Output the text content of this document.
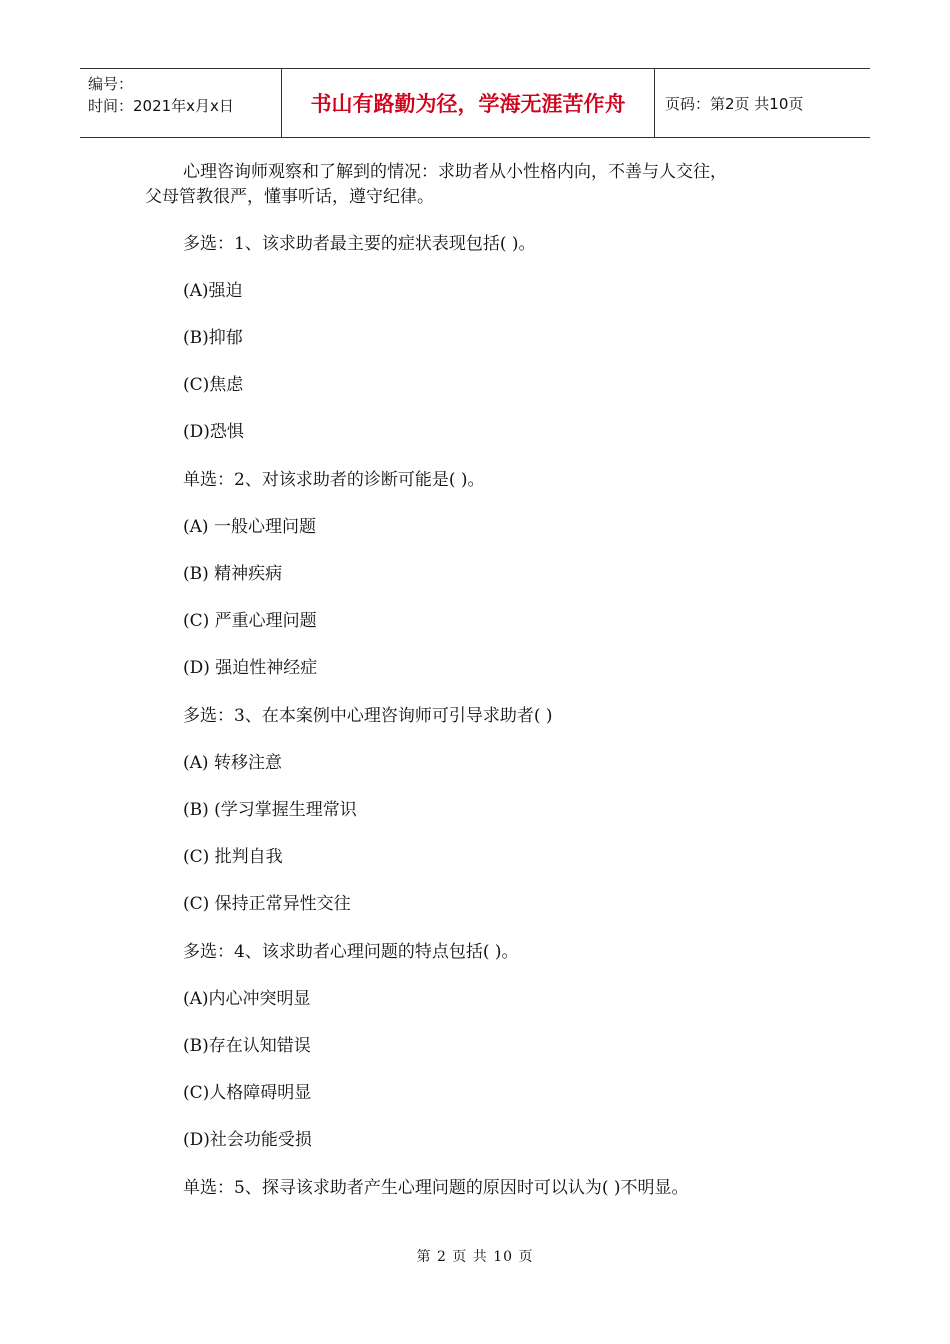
编号：
时间：2021年x月x日	书山有路勤为径，学海无涯苦作舟	页码：第2页 共10页
心理咨询师观察和了解到的情况：求助者从小性格内向，不善与人交往，
父母管教很严，懂事听话，遵守纪律。
多选：1、该求助者最主要的症状表现包括( )。
(A)强迫
(B)抑郁
(C)焦虑
(D)恐惧
单选：2、对该求助者的诊断可能是( )。
(A) 一般心理问题
(B) 精神疾病
(C) 严重心理问题
(D) 强迫性神经症
多选：3、在本案例中心理咨询师可引导求助者( )
(A) 转移注意
(B) (学习掌握生理常识
(C) 批判自我
(C) 保持正常异性交往
多选：4、该求助者心理问题的特点包括( )。
(A)内心冲突明显
(B)存在认知错误
(C)人格障碍明显
(D)社会功能受损
单选：5、探寻该求助者产生心理问题的原因时可以认为( )不明显。
第 2 页 共 10 页
